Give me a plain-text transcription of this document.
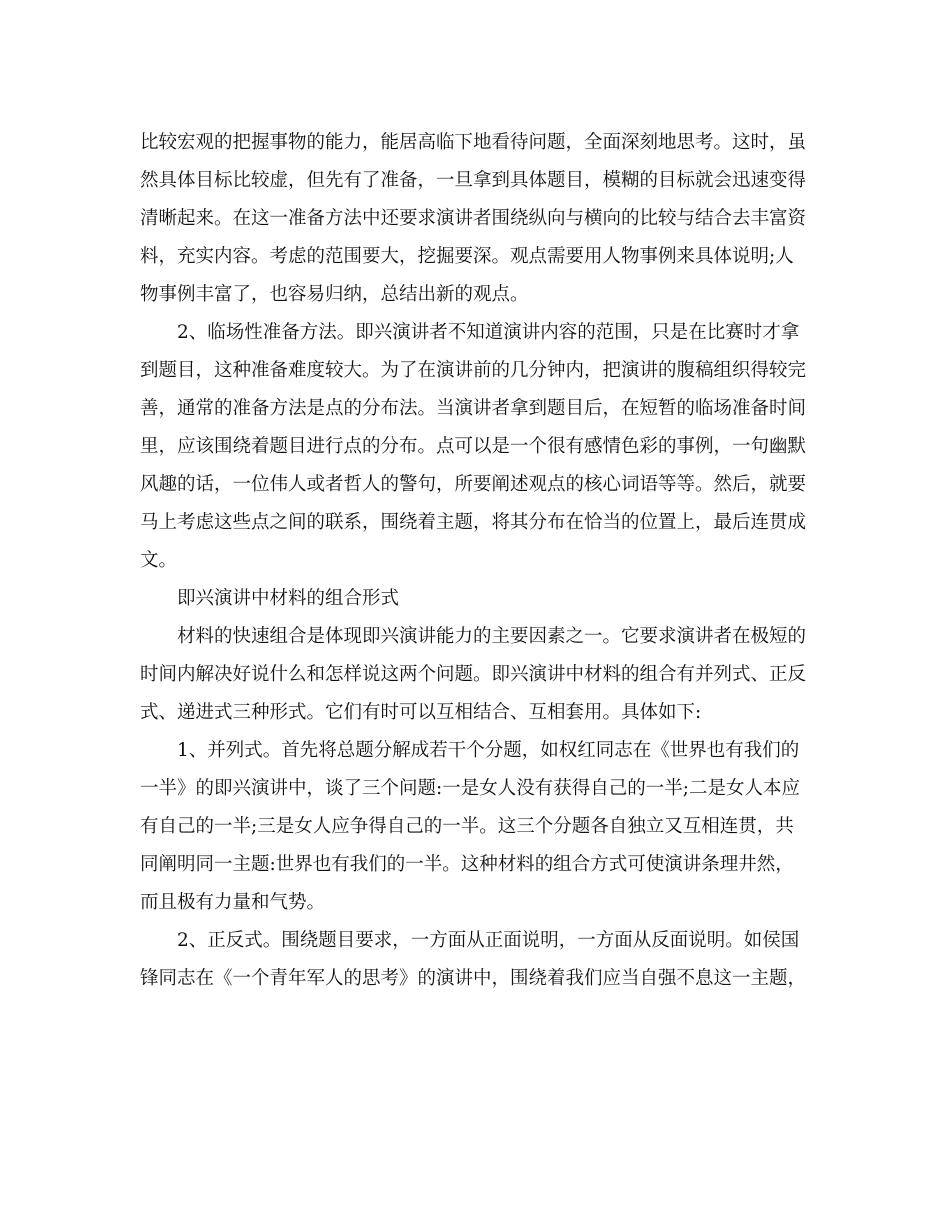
比较宏观的把握事物的能力，能居高临下地看待问题，全面深刻地思考。这时，虽
然具体目标比较虚，但先有了准备，一旦拿到具体题目，模糊的目标就会迅速变得
清晰起来。在这一准备方法中还要求演讲者围绕纵向与横向的比较与结合去丰富资
料，充实内容。考虑的范围要大，挖掘要深。观点需要用人物事例来具体说明;人
物事例丰富了，也容易归纳，总结出新的观点。
2、临场性准备方法。即兴演讲者不知道演讲内容的范围，只是在比赛时才拿
到题目，这种准备难度较大。为了在演讲前的几分钟内，把演讲的腹稿组织得较完
善，通常的准备方法是点的分布法。当演讲者拿到题目后，在短暂的临场准备时间
里，应该围绕着题目进行点的分布。点可以是一个很有感情色彩的事例，一句幽默
风趣的话，一位伟人或者哲人的警句，所要阐述观点的核心词语等等。然后，就要
马上考虑这些点之间的联系，围绕着主题，将其分布在恰当的位置上，最后连贯成
文。
即兴演讲中材料的组合形式
材料的快速组合是体现即兴演讲能力的主要因素之一。它要求演讲者在极短的
时间内解决好说什么和怎样说这两个问题。即兴演讲中材料的组合有并列式、正反
式、递进式三种形式。它们有时可以互相结合、互相套用。具体如下:
1、并列式。首先将总题分解成若干个分题，如权红同志在《世界也有我们的
一半》的即兴演讲中，谈了三个问题:一是女人没有获得自己的一半;二是女人本应
有自己的一半;三是女人应争得自己的一半。这三个分题各自独立又互相连贯，共
同阐明同一主题:世界也有我们的一半。这种材料的组合方式可使演讲条理井然，
而且极有力量和气势。
2、正反式。围绕题目要求，一方面从正面说明，一方面从反面说明。如侯国
锋同志在《一个青年军人的思考》的演讲中，围绕着我们应当自强不息这一主题，
